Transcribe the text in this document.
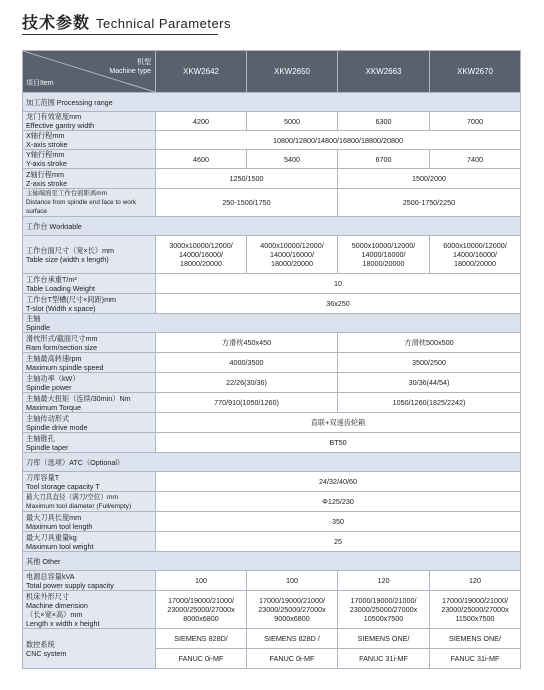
技术参数 Technical Parameters
机型
Machine type
项目Item	XKW2642	XKW2650	XKW2663	XKW2670
加工范围 Processing range				
龙门有效宽度mm
Effective gantry width	4200	5000	6300	7000
X轴行程mm
X-axis stroke	10800/12800/14800/16800/18800/20800			
Y轴行程mm
Y-axis stroke	4600	5400	6700	7400
Z轴行程mm
Z-axis stroke	1250/1500		1500/2000	
主轴端面至工作台面距离mm
Distance from spindle end face to work surface	250-1500/1750		2500-1750/2250	
工作台 Worktable				
工作台面尺寸（宽×长）mm
Table size (width x length)	3000x10000/12000/
14000/16000/
18000/20000	4000x10000/12000/
14000/16000/
18000/20000	5000x10000/12000/
14000/16000/
18000/20000	6000x10000/12000/
14000/16000/
18000/20000
工作台承重T/m²
Table Loading Weight	10			
工作台T型槽(尺寸×间距)mm
T-slot (Width x space)	36x250			
主轴
Spindle				
滑枕形式/截面尺寸mm
Ram form/section size	方滑枕450x450		方滑枕500x500	
主轴最高转速rpm
Maximum spindle speed	4000/3500		3500/2500	
主轴功率（kW）
Spindle power	22/26(30/36)		30/36(44/54)	
主轴最大扭矩（连续/30min）Nm
Maximum Torque	770/910(1050/1260)		1050/1260(1825/2242)	
主轴传动形式
Spindle drive mode	直联+双速齿轮箱			
主轴锥孔
Spindle taper	BT50			
刀库（选项）ATC（Optional）				
刀库容量T
Tool storage capacity T	24/32/40/60			
最大刀具直径（满刀/空位）mm
Maximum tool diameter (Full/empty)	Φ125/230			
最大刀具长度mm
Maximum tool length	350			
最大刀具重量kg
Maximum tool weight	25			
其他 Other				
电源总容量kVA
Total power supply capacity	100	100	120	120
机床外形尺寸
Machine dimension
（长×宽×高）mm
Length x width x height	17000/19000/21000/
23000/25000/27000x
8000x6800	17000/19000/21000/
23000/25000/27000x
9000x6800	17000/19000/21000/
23000/25000/27000x
10500x7500	17000/19000/21000/
23000/25000/27000x
11500x7500
数控系统
CNC system	SIEMENS 828D/	SIEMENS 828D /	SIEMENS ONE/	SIEMENS ONE/
	FANUC 0i-MF	FANUC 0i-MF	FANUC 31i-MF	FANUC 31i-MF
